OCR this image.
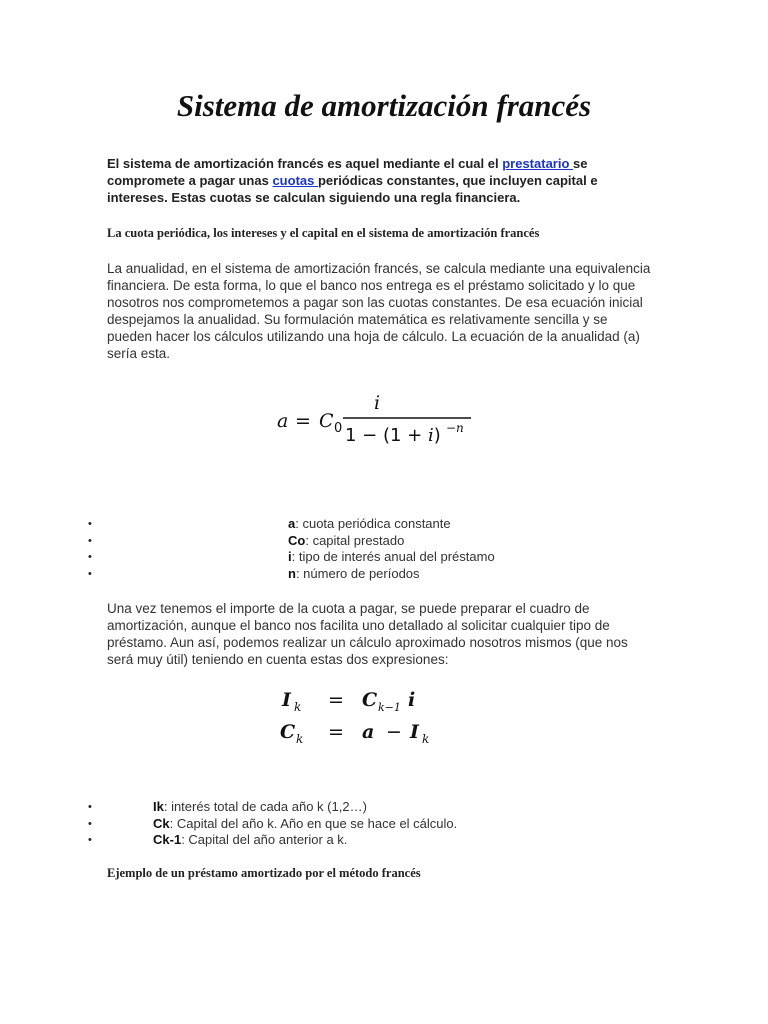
Sistema de amortización francés

El sistema de amortización francés es aquel mediante el cual el prestatario se compromete a pagar unas cuotas periódicas constantes, que incluyen capital e intereses. Estas cuotas se calculan siguiendo una regla financiera.

La cuota periódica, los intereses y el capital en el sistema de amortización francés

La anualidad, en el sistema de amortización francés, se calcula mediante una equivalencia financiera. De esta forma, lo que el banco nos entrega es el préstamo solicitado y lo que nosotros nos comprometemos a pagar son las cuotas constantes. De esa ecuación inicial despejamos la anualidad. Su formulación matemática es relativamente sencilla y se pueden hacer los cálculos utilizando una hoja de cálculo. La ecuación de la anualidad (a) sería esta.

a = C 0
i
1 − (1 + i) −n
•	a: cuota periódica constante
•	Co: capital prestado
•	i: tipo de interés anual del préstamo
•	n: número de períodos

Una vez tenemos el importe de la cuota a pagar, se puede preparar el cuadro de amortización, aunque el banco nos facilita uno detallado al solicitar cualquier tipo de préstamo. Aun así, podemos realizar un cálculo aproximado nosotros mismos (que nos será muy útil) teniendo en cuenta estas dos expresiones:

I k = C k−1 i
C k = a − I k
•	Ik: interés total de cada año k (1,2…)
•	Ck: Capital del año k. Año en que se hace el cálculo.
•	Ck-1: Capital del año anterior a k.
Ejemplo de un préstamo amortizado por el método francés
